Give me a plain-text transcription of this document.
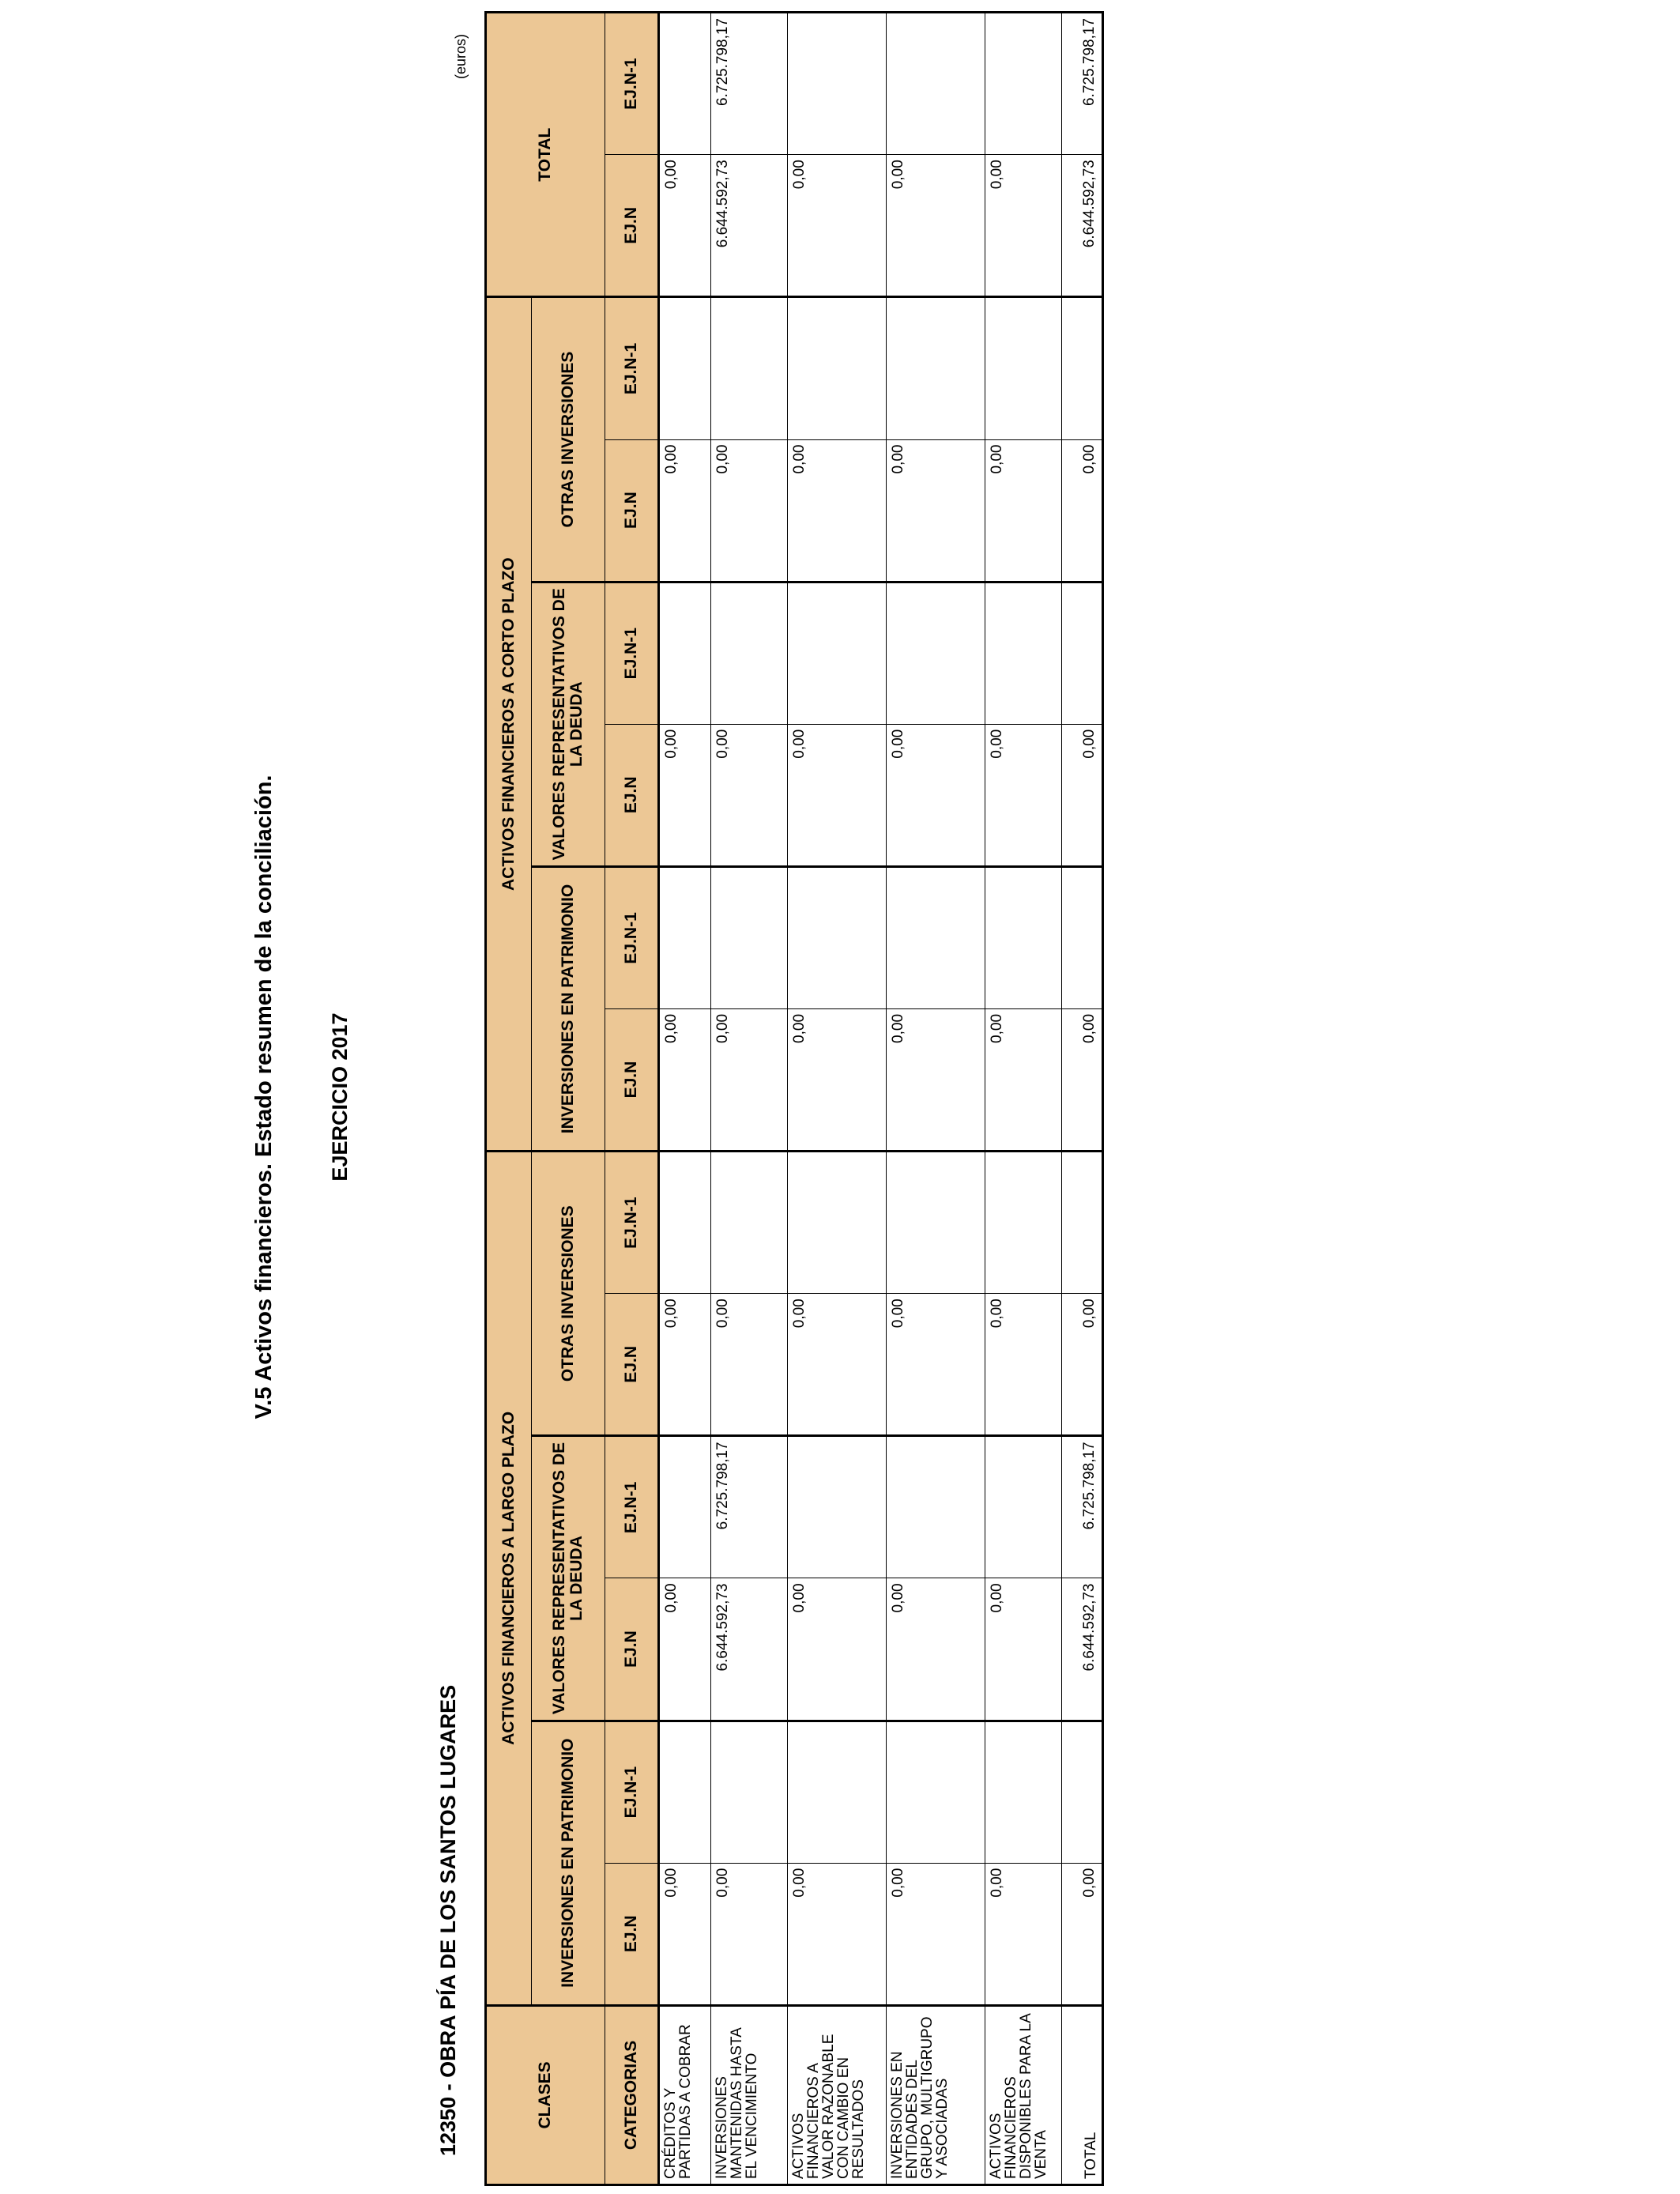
V.5 Activos financieros. Estado resumen de la conciliación. EJERCICIO 2017
12350 - OBRA PÍA DE LOS SANTOS LUGARES
(euros)
CLASES	ACTIVOS FINANCIEROS A LARGO PLAZO						ACTIVOS FINANCIEROS A CORTO PLAZO						TOTAL	
	INVERSIONES EN PATRIMONIO		VALORES REPRESENTATIVOS DE LA DEUDA		OTRAS INVERSIONES		INVERSIONES EN PATRIMONIO		VALORES REPRESENTATIVOS DE LA DEUDA		OTRAS INVERSIONES			
CATEGORIAS	EJ.N	EJ.N-1	EJ.N	EJ.N-1	EJ.N	EJ.N-1	EJ.N	EJ.N-1	EJ.N	EJ.N-1	EJ.N	EJ.N-1	EJ.N	EJ.N-1
CRÉDITOS Y PARTIDAS A COBRAR	0,00		0,00		0,00		0,00		0,00		0,00		0,00	
INVERSIONES MANTENIDAS HASTA EL VENCIMIENTO	0,00		6.644.592,73	6.725.798,17	0,00		0,00		0,00		0,00		6.644.592,73	6.725.798,17
ACTIVOS FINANCIEROS A VALOR RAZONABLE CON CAMBIO EN RESULTADOS	0,00		0,00		0,00		0,00		0,00		0,00		0,00	
INVERSIONES EN ENTIDADES DEL GRUPO, MULTIGRUPO Y ASOCIADAS	0,00		0,00		0,00		0,00		0,00		0,00		0,00	
ACTIVOS FINANCIEROS DISPONIBLES PARA LA VENTA	0,00		0,00		0,00		0,00		0,00		0,00		0,00	
TOTAL	0,00		6.644.592,73	6.725.798,17	0,00		0,00		0,00		0,00		6.644.592,73	6.725.798,17
